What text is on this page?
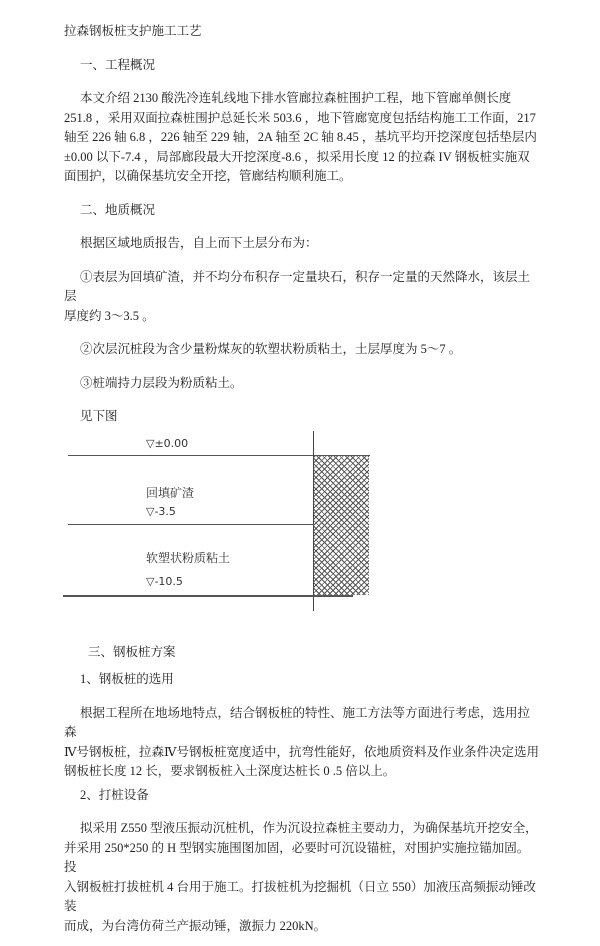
拉森钢板桩支护施工工艺
一、工程概况
本文介绍 2130 酸洗冷连轧线地下排水管廊拉森桩围护工程，地下管廊单侧长度
251.8 ，采用双面拉森桩围护总延长米 503.6 ，地下管廊宽度包括结构施工工作面，217
轴至 226 轴 6.8 ，226 轴至 229 轴，2A 轴至 2C 轴 8.45 ，基坑平均开挖深度包括垫层内
±0.00 以下-7.4 ，局部廊段最大开挖深度-8.6 ，拟采用长度 12 的拉森 IV 钢板桩实施双
面围护，以确保基坑安全开挖，管廊结构顺利施工。
二、地质概况
根据区域地质报告，自上而下土层分布为：
①表层为回填矿渣，并不均分布积存一定量块石，积存一定量的天然降水，该层土层
厚度约 3～3.5 。
②次层沉桩段为含少量粉煤灰的软塑状粉质粘土，土层厚度为 5～7 。
③桩端持力层段为粉质粘土。
见下图
▽±0.00
回填矿渣
▽-3.5
软塑状粉质粘土
▽-10.5
三、钢板桩方案
1、钢板桩的选用
根据工程所在地场地特点，结合钢板桩的特性、施工方法等方面进行考虑，选用拉森
Ⅳ号钢板桩，拉森Ⅳ号钢板桩宽度适中，抗弯性能好，依地质资料及作业条件决定选用
钢板桩长度 12 长，要求钢板桩入土深度达桩长 0 .5 倍以上。
2、打桩设备
拟采用 Z550 型液压振动沉桩机，作为沉设拉森桩主要动力，为确保基坑开挖安全，
并采用 250*250 的 H 型钢实施围图加固，必要时可沉设锚桩，对围护实施拉锚加固。投
入钢板桩打拔桩机 4 台用于施工。打拔桩机为挖掘机（日立 550）加液压高频振动锤改装
而成，为台湾仿荷兰产振动锤，激振力 220kN。
